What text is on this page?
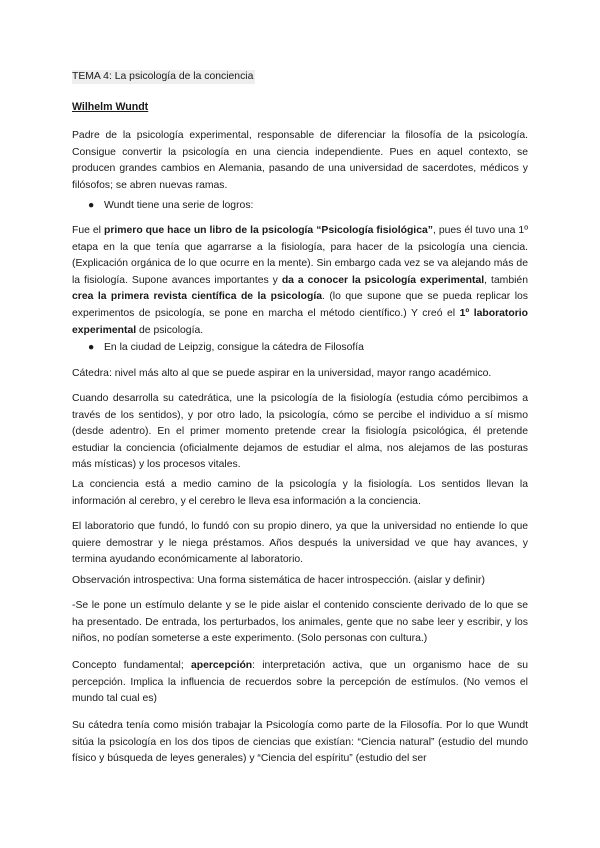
TEMA 4: La psicología de la conciencia
Wilhelm Wundt

Padre de la psicología experimental, responsable de diferenciar la filosofía de la psicología. Consigue convertir la psicología en una ciencia independiente. Pues en aquel contexto, se producen grandes cambios en Alemania, pasando de una universidad de sacerdotes, médicos y filósofos; se abren nuevas ramas.

● Wundt tiene una serie de logros:

Fue el primero que hace un libro de la psicología “Psicología fisiológica”, pues él tuvo una 1º etapa en la que tenía que agarrarse a la fisiología, para hacer de la psicología una ciencia. (Explicación orgánica de lo que ocurre en la mente). Sin embargo cada vez se va alejando más de la fisiología. Supone avances importantes y da a conocer la psicología experimental, también crea la primera revista científica de la psicología. (lo que supone que se pueda replicar los experimentos de psicología, se pone en marcha el método científico.) Y creó el 1º laboratorio experimental de psicología.

● En la ciudad de Leipzig, consigue la cátedra de Filosofía

Cátedra: nivel más alto al que se puede aspirar en la universidad, mayor rango académico.

Cuando desarrolla su catedrática, une la psicología de la fisiología (estudia cómo percibimos a través de los sentidos), y por otro lado, la psicología, cómo se percibe el individuo a sí mismo (desde adentro). En el primer momento pretende crear la fisiología psicológica, él pretende estudiar la conciencia (oficialmente dejamos de estudiar el alma, nos alejamos de las posturas más místicas) y los procesos vitales.

La conciencia está a medio camino de la psicología y la fisiología. Los sentidos llevan la información al cerebro, y el cerebro le lleva esa información a la conciencia.

El laboratorio que fundó, lo fundó con su propio dinero, ya que la universidad no entiende lo que quiere demostrar y le niega préstamos. Años después la universidad ve que hay avances, y termina ayudando económicamente al laboratorio.

Observación introspectiva: Una forma sistemática de hacer introspección. (aislar y definir)

-Se le pone un estímulo delante y se le pide aislar el contenido consciente derivado de lo que se ha presentado. De entrada, los perturbados, los animales, gente que no sabe leer y escribir, y los niños, no podían someterse a este experimento. (Solo personas con cultura.)

Concepto fundamental; apercepción: interpretación activa, que un organismo hace de su percepción. Implica la influencia de recuerdos sobre la percepción de estímulos. (No vemos el mundo tal cual es)

Su cátedra tenía como misión trabajar la Psicología como parte de la Filosofía. Por lo que Wundt sitúa la psicología en los dos tipos de ciencias que existían: “Ciencia natural” (estudio del mundo físico y búsqueda de leyes generales) y “Ciencia del espíritu” (estudio del ser
